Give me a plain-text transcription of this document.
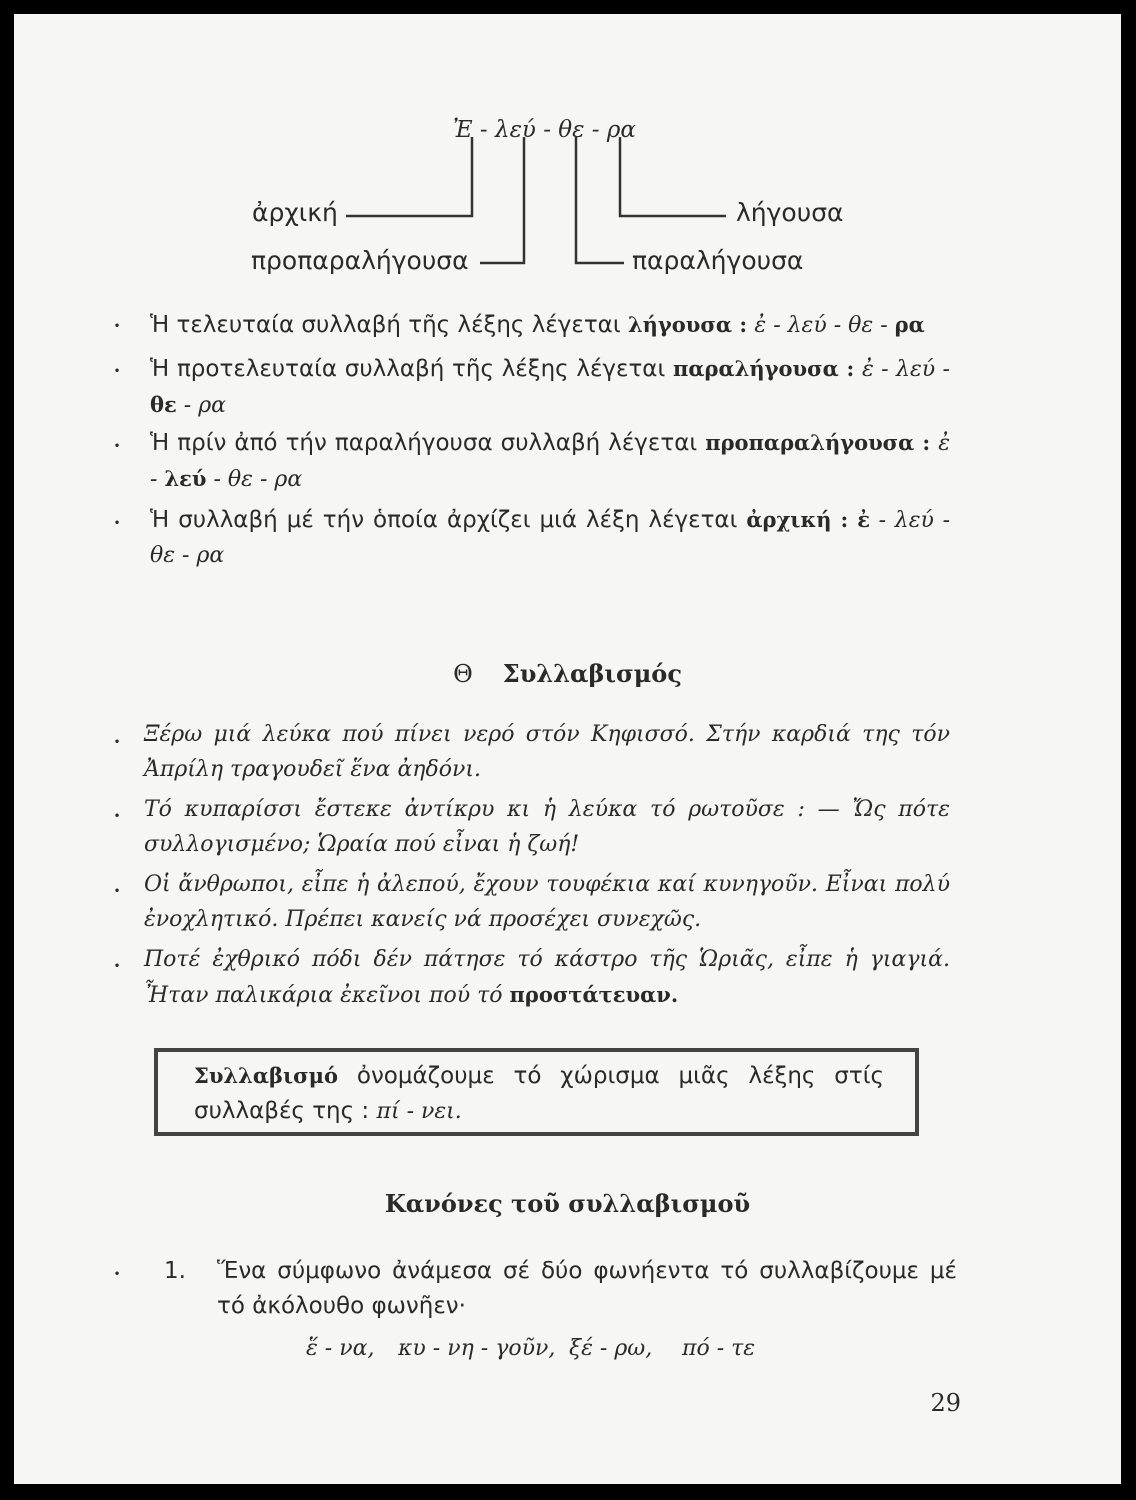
Ἐ - λεύ - θε - ρα
ἀρχική	λήγουσα
προπαραλήγουσα	παραλήγουσα
• Ἡ τελευταία συλλαβή τῆς λέξης λέγεται λήγουσα : ἐ - λεύ - θε - ρα
• Ἡ προτελευταία συλλαβή τῆς λέξης λέγεται παραλήγουσα : ἐ - λεύ - θε - ρα
• Ἡ πρίν ἀπό τήν παραλήγουσα συλλαβή λέγεται προπαραλήγουσα : ἐ - λεύ - θε - ρα
• Ἡ συλλαβή μέ τήν ὁποία ἀρχίζει μιά λέξη λέγεται ἀρχική : ἐ - λεύ - θε - ρα
Θ Συλλαβισμός
• Ξέρω μιά λεύκα πού πίνει νερό στόν Κηφισσό. Στήν καρδιά της τόν Ἀπρίλη τραγουδεῖ ἕνα ἀηδόνι.
• Τό κυπαρίσσι ἔστεκε ἀντίκρυ κι ἡ λεύκα τό ρωτοῦσε : — Ὤς πότε συλλογισμένο; Ὡραία πού εἶναι ἡ ζωή!
• Οἱ ἄνθρωποι, εἶπε ἡ ἀλεπού, ἔχουν τουφέκια καί κυνηγοῦν. Εἶναι πολύ ἐνοχλητικό. Πρέπει κανείς νά προσέχει συνεχῶς.
• Ποτέ ἐχθρικό πόδι δέν πάτησε τό κάστρο τῆς Ὡριᾶς, εἶπε ἡ γιαγιά. Ἦταν παλικάρια ἐκεῖνοι πού τό προστάτευαν.
Συλλαβισμό ὀνομάζουμε τό χώρισμα μιᾶς λέξης στίς συλλαβές της : πί - νει.
Κανόνες τοῦ συλλαβισμοῦ
• 1.	Ἕνα σύμφωνο ἀνάμεσα σέ δύο φωνήεντα τό συλλαβίζουμε μέ τό ἀκόλουθο φωνῆεν·
ἕ - να, κυ - νη - γοῦν, ξέ - ρω, πό - τε
29
